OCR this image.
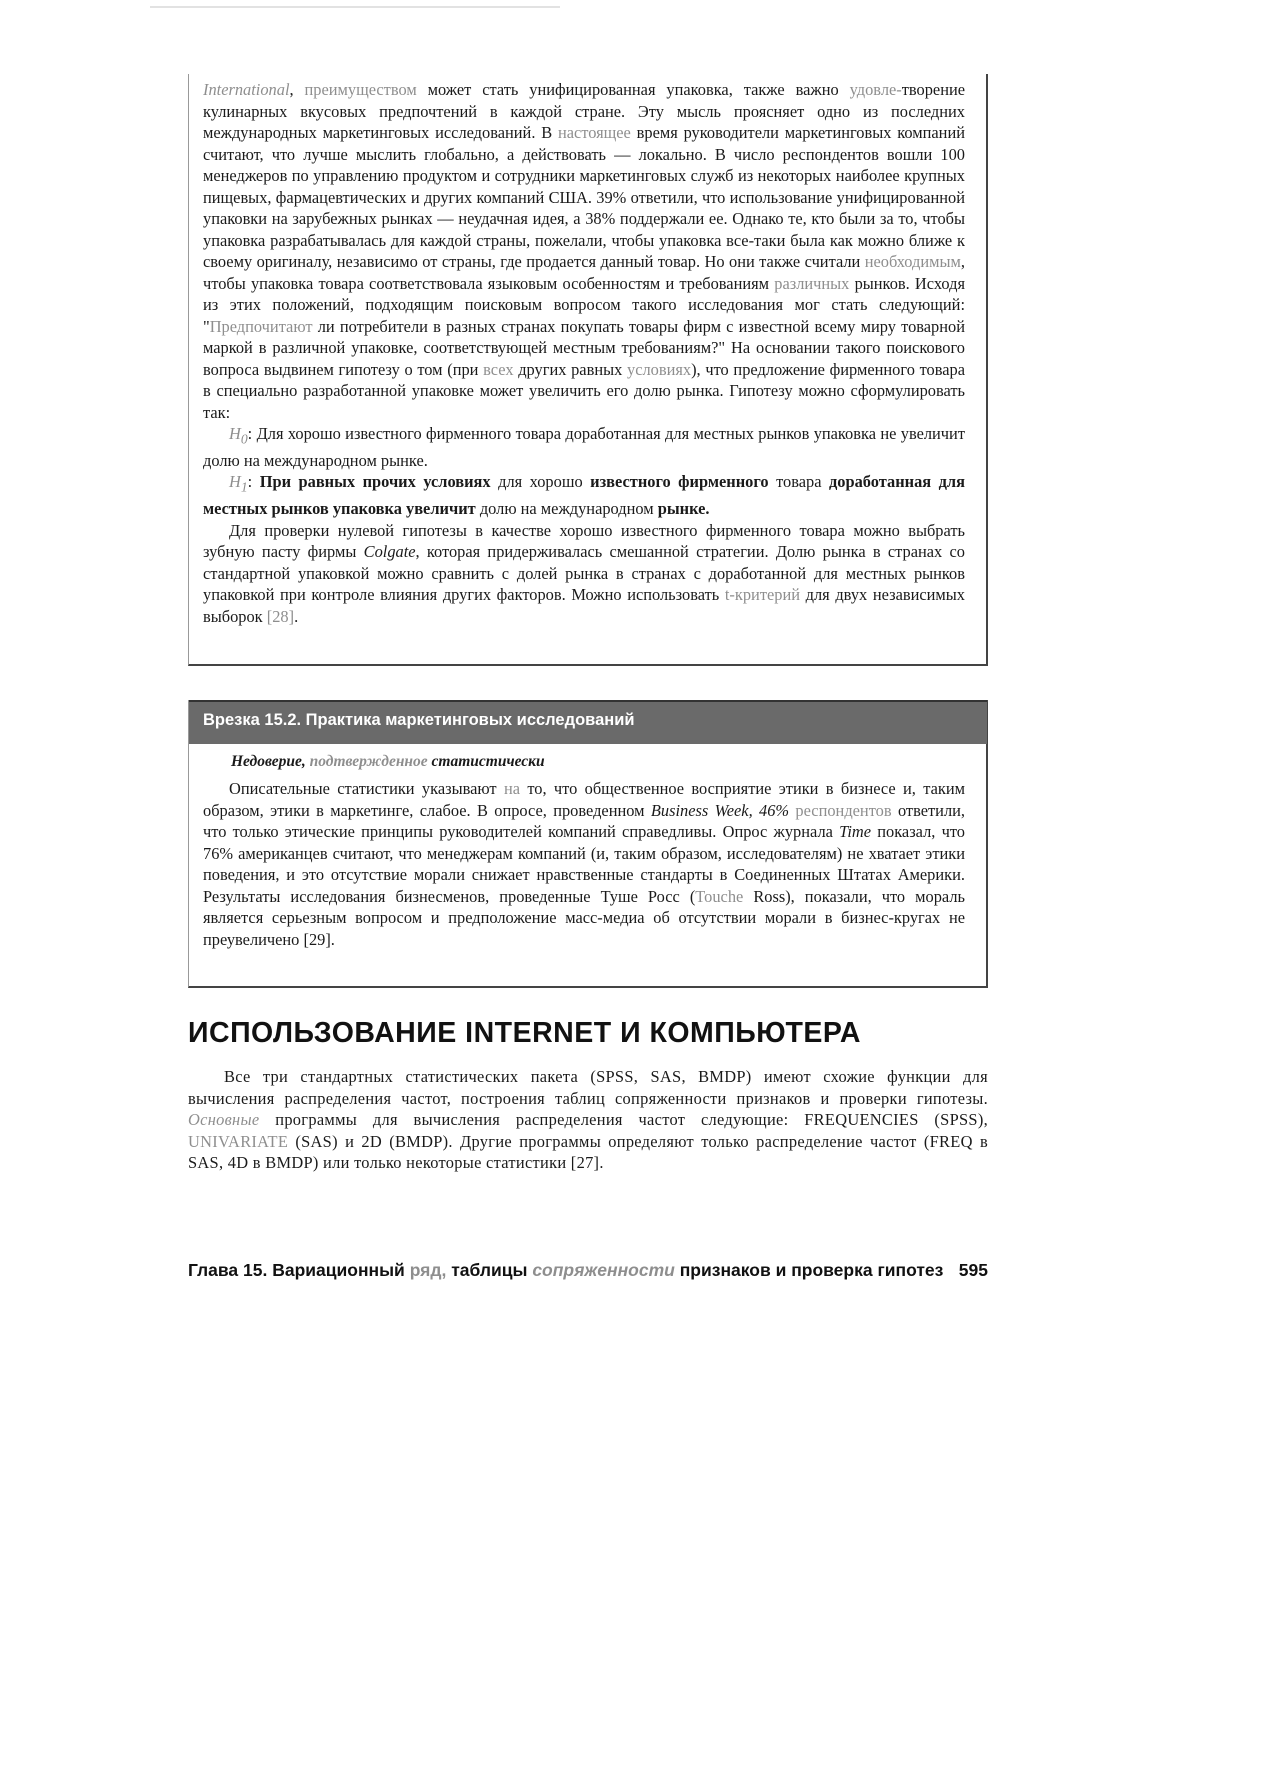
International, преимуществом может стать унифицированная упаковка, также важно удовле-творение кулинарных вкусовых предпочтений в каждой стране. Эту мысль проясняет одно из последних международных маркетинговых исследований. В настоящее время руководители маркетинговых компаний считают, что лучше мыслить глобально, а действовать — локально. В число респондентов вошли 100 менеджеров по управлению продуктом и сотрудники маркетинговых служб из некоторых наиболее крупных пищевых, фармацевтических и других компаний США. 39% ответили, что использование унифицированной упаковки на зарубежных рынках — неудачная идея, а 38% поддержали ее. Однако те, кто были за то, чтобы упаковка разрабатывалась для каждой страны, пожелали, чтобы упаковка все-таки была как можно ближе к своему оригиналу, независимо от страны, где продается данный товар. Но они также считали необходимым, чтобы упаковка товара соответствовала языковым особенностям и требованиям различных рынков. Исходя из этих положений, подходящим поисковым вопросом такого исследования мог стать следующий: "Предпочитают ли потребители в разных странах покупать товары фирм с известной всему миру товарной маркой в различной упаковке, соответствующей местным требованиям?" На основании такого поискового вопроса выдвинем гипотезу о том (при всех других равных условиях), что предложение фирменного товара в специально разработанной упаковке может увеличить его долю рынка. Гипотезу можно сформулировать так:

$H_0$: Для хорошо известного фирменного товара доработанная для местных рынков упаковка не увеличит долю на международном рынке.

$H_1$: При равных прочих условиях для хорошо известного фирменного товара доработанная для местных рынков упаковка увеличит долю на международном рынке.

Для проверки нулевой гипотезы в качестве хорошо известного фирменного товара можно выбрать зубную пасту фирмы Colgate, которая придерживалась смешанной стратегии. Долю рынка в странах со стандартной упаковкой можно сравнить с долей рынка в странах с доработанной для местных рынков упаковкой при контроле влияния других факторов. Можно использовать t-критерий для двух независимых выборок [28].

Врезка 15.2. Практика маркетинговых исследований
Недоверие, подтвержденное статистически

Описательные статистики указывают на то, что общественное восприятие этики в бизнесе и, таким образом, этики в маркетинге, слабое. В опросе, проведенном Business Week, 46% респондентов ответили, что только этические принципы руководителей компаний справедливы. Опрос журнала Time показал, что 76% американцев считают, что менеджерам компаний (и, таким образом, исследователям) не хватает этики поведения, и это отсутствие морали снижает нравственные стандарты в Соединенных Штатах Америки. Результаты исследования бизнесменов, проведенные Туше Росс (Touche Ross), показали, что мораль является серьезным вопросом и предположение масс-медиа об отсутствии морали в бизнес-кругах не преувеличено [29].

ИСПОЛЬЗОВАНИЕ INTERNET И КОМПЬЮТЕРА

Все три стандартных статистических пакета (SPSS, SAS, BMDP) имеют схожие функции для вычисления распределения частот, построения таблиц сопряженности признаков и проверки гипотезы. Основные программы для вычисления распределения частот следующие: FREQUENCIES (SPSS), UNIVARIATE (SAS) и 2D (BMDP). Другие программы определяют только распределение частот (FREQ в SAS, 4D в BMDP) или только некоторые статистики [27].

Глава 15. Вариационный ряд, таблицы сопряженности признаков и проверка гипотез 595
